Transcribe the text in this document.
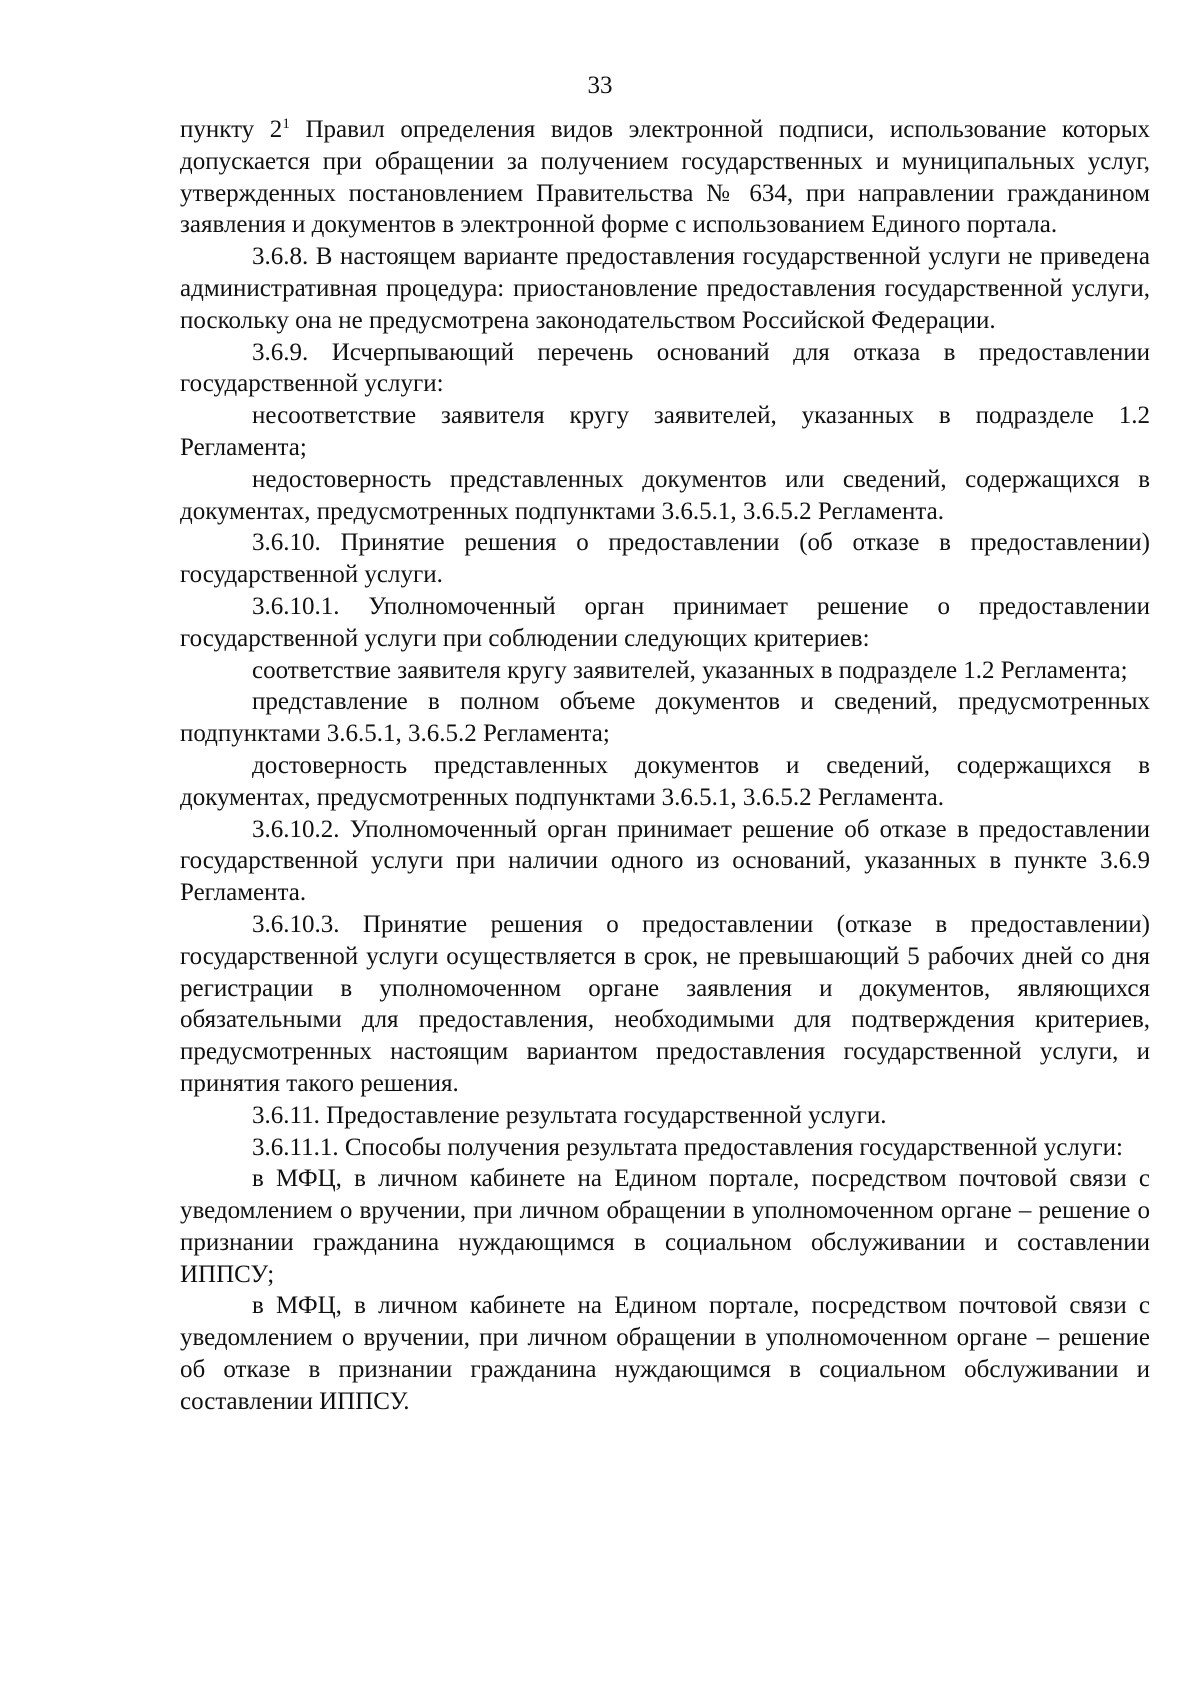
33

пункту $2^1$ Правил определения видов электронной подписи, использование которых допускается при обращении за получением государственных и муниципальных услуг, утвержденных постановлением Правительства № 634, при направлении гражданином заявления и документов в электронной форме с использованием Единого портала.

3.6.8. В настоящем варианте предоставления государственной услуги не приведена административная процедура: приостановление предоставления государственной услуги, поскольку она не предусмотрена законодательством Российской Федерации.

3.6.9. Исчерпывающий перечень оснований для отказа в предоставлении государственной услуги:

несоответствие заявителя кругу заявителей, указанных в подразделе 1.2 Регламента;

недостоверность представленных документов или сведений, содержащихся в документах, предусмотренных подпунктами 3.6.5.1, 3.6.5.2 Регламента.

3.6.10. Принятие решения о предоставлении (об отказе в предоставлении) государственной услуги.

3.6.10.1. Уполномоченный орган принимает решение о предоставлении государственной услуги при соблюдении следующих критериев:

соответствие заявителя кругу заявителей, указанных в подразделе 1.2 Регламента;

представление в полном объеме документов и сведений, предусмотренных подпунктами 3.6.5.1, 3.6.5.2 Регламента;

достоверность представленных документов и сведений, содержащихся в документах, предусмотренных подпунктами 3.6.5.1, 3.6.5.2 Регламента.

3.6.10.2. Уполномоченный орган принимает решение об отказе в предоставлении государственной услуги при наличии одного из оснований, указанных в пункте 3.6.9 Регламента.

3.6.10.3. Принятие решения о предоставлении (отказе в предоставлении) государственной услуги осуществляется в срок, не превышающий 5 рабочих дней со дня регистрации в уполномоченном органе заявления и документов, являющихся обязательными для предоставления, необходимыми для подтверждения критериев, предусмотренных настоящим вариантом предоставления государственной услуги, и принятия такого решения.

3.6.11. Предоставление результата государственной услуги.

3.6.11.1. Способы получения результата предоставления государственной услуги:

в МФЦ, в личном кабинете на Едином портале, посредством почтовой связи с уведомлением о вручении, при личном обращении в уполномоченном органе – решение о признании гражданина нуждающимся в социальном обслуживании и составлении ИППСУ;

в МФЦ, в личном кабинете на Едином портале, посредством почтовой связи с уведомлением о вручении, при личном обращении в уполномоченном органе – решение об отказе в признании гражданина нуждающимся в социальном обслуживании и составлении ИППСУ.
